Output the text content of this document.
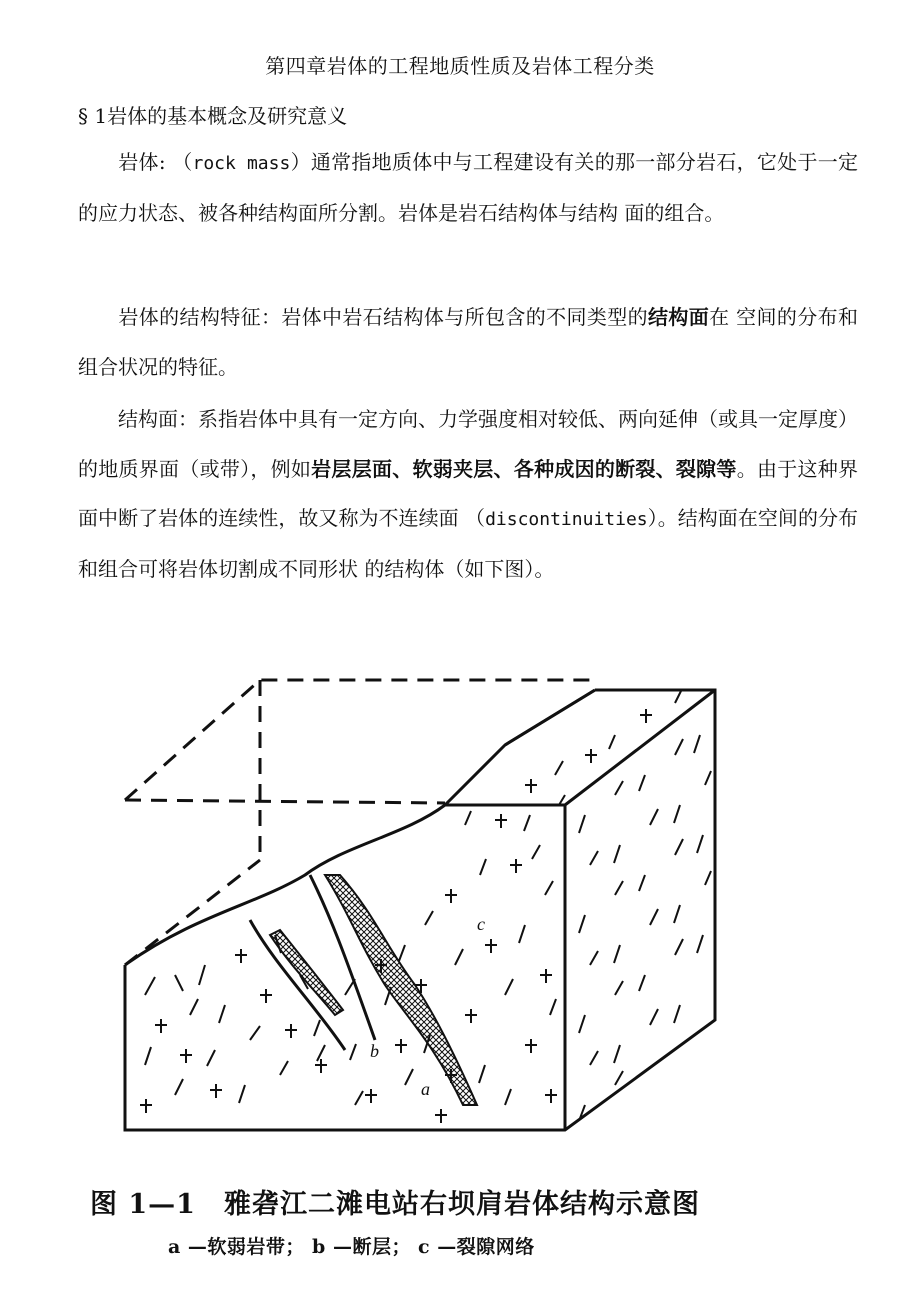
第四章岩体的工程地质性质及岩体工程分类
§ 1岩体的基本概念及研究意义
岩体: （rock mass）通常指地质体中与工程建设有关的那一部分岩石，它处于一定的应力状态、被各种结构面所分割。岩体是岩石结构体与结构 面的组合。
岩体的结构特征：岩体中岩石结构体与所包含的不同类型的结构面在 空间的分布和组合状况的特征。
结构面：系指岩体中具有一定方向、力学强度相对较低、两向延伸（或具一定厚度）的地质界面（或带），例如岩层层面、软弱夹层、各种成因的断裂、裂隙等。由于这种界面中断了岩体的连续性，故又称为不连续面 （discontinuities）。结构面在空间的分布和组合可将岩体切割成不同形状 的结构体（如下图）。
c
b
a
图 1—1　雅砻江二滩电站右坝肩岩体结构示意图
a —软弱岩带； b —断层； c —裂隙网络
